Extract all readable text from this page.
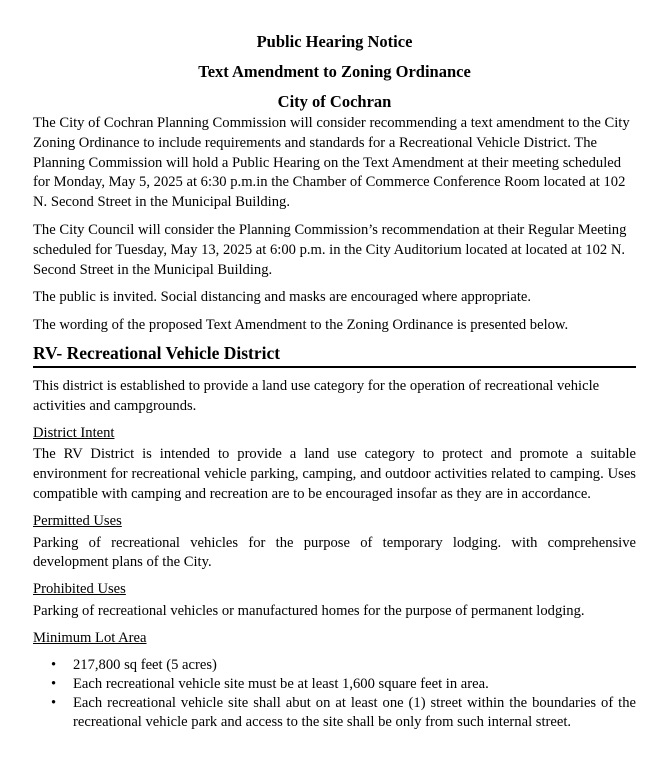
Public Hearing Notice

Text Amendment to Zoning Ordinance

City of Cochran

The City of Cochran Planning Commission will consider recommending a text amendment to the City Zoning Ordinance to include requirements and standards for a Recreational Vehicle District. The Planning Commission will hold a Public Hearing on the Text Amendment at their meeting scheduled for Monday, May 5, 2025 at 6:30 p.m.in the Chamber of Commerce Conference Room located at 102 N. Second Street in the Municipal Building.

The City Council will consider the Planning Commission’s recommendation at their Regular Meeting scheduled for Tuesday, May 13, 2025 at 6:00 p.m. in the City Auditorium located at located at 102 N. Second Street in the Municipal Building.

The public is invited. Social distancing and masks are encouraged where appropriate.

The wording of the proposed Text Amendment to the Zoning Ordinance is presented below.

RV- Recreational Vehicle District

This district is established to provide a land use category for the operation of recreational vehicle activities and campgrounds.

District Intent

The RV District is intended to provide a land use category to protect and promote a suitable environment for recreational vehicle parking, camping, and outdoor activities related to camping. Uses compatible with camping and recreation are to be encouraged insofar as they are in accordance.

Permitted Uses

Parking of recreational vehicles for the purpose of temporary lodging. with comprehensive development plans of the City.

Prohibited Uses

Parking of recreational vehicles or manufactured homes for the purpose of permanent lodging.

Minimum Lot Area
• 217,800 sq feet (5 acres)
• Each recreational vehicle site must be at least 1,600 square feet in area.
• Each recreational vehicle site shall abut on at least one (1) street within the boundaries of the recreational vehicle park and access to the site shall be only from such internal street.
